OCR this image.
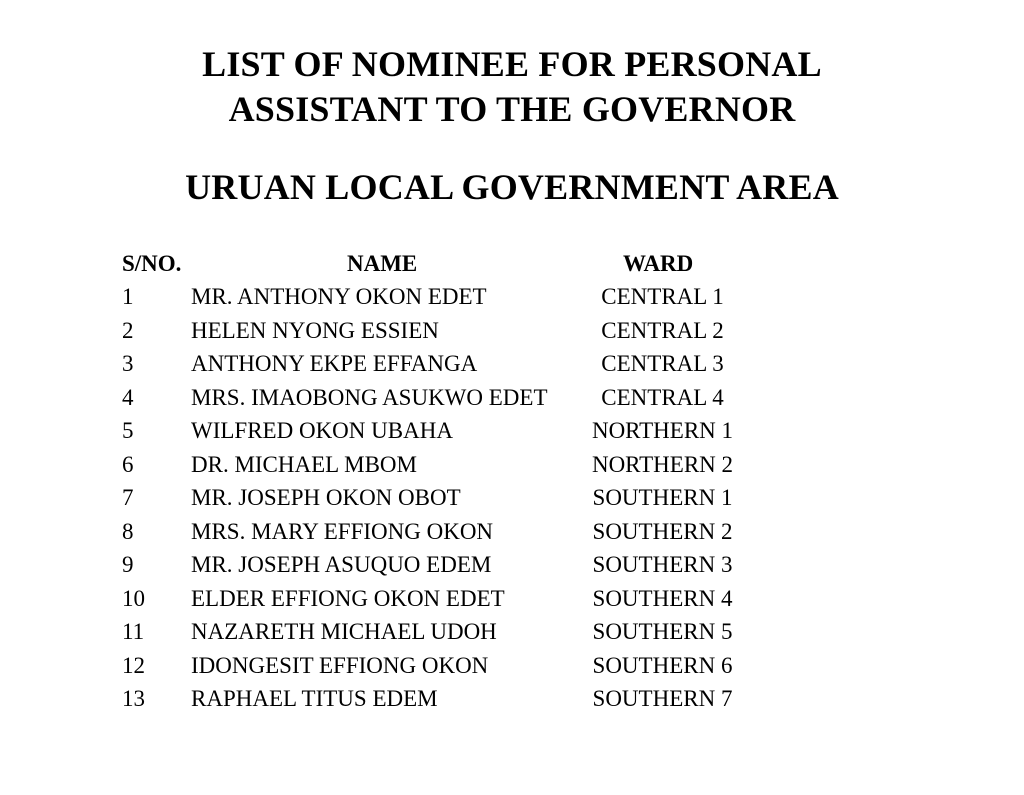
LIST OF NOMINEE FOR PERSONAL
ASSISTANT TO THE GOVERNOR
URUAN LOCAL GOVERNMENT AREA
S/NO.	NAME	WARD
1	MR. ANTHONY OKON EDET	CENTRAL 1
2	HELEN NYONG ESSIEN	CENTRAL 2
3	ANTHONY EKPE EFFANGA	CENTRAL 3
4	MRS. IMAOBONG ASUKWO EDET	CENTRAL 4
5	WILFRED OKON UBAHA	NORTHERN 1
6	DR. MICHAEL MBOM	NORTHERN 2
7	MR. JOSEPH OKON OBOT	SOUTHERN 1
8	MRS. MARY EFFIONG OKON	SOUTHERN 2
9	MR. JOSEPH ASUQUO EDEM	SOUTHERN 3
10 ELDER EFFIONG OKON EDET	SOUTHERN 4
11 NAZARETH MICHAEL UDOH	SOUTHERN 5
12 IDONGESIT EFFIONG OKON	SOUTHERN 6
13 RAPHAEL TITUS EDEM	SOUTHERN 7
